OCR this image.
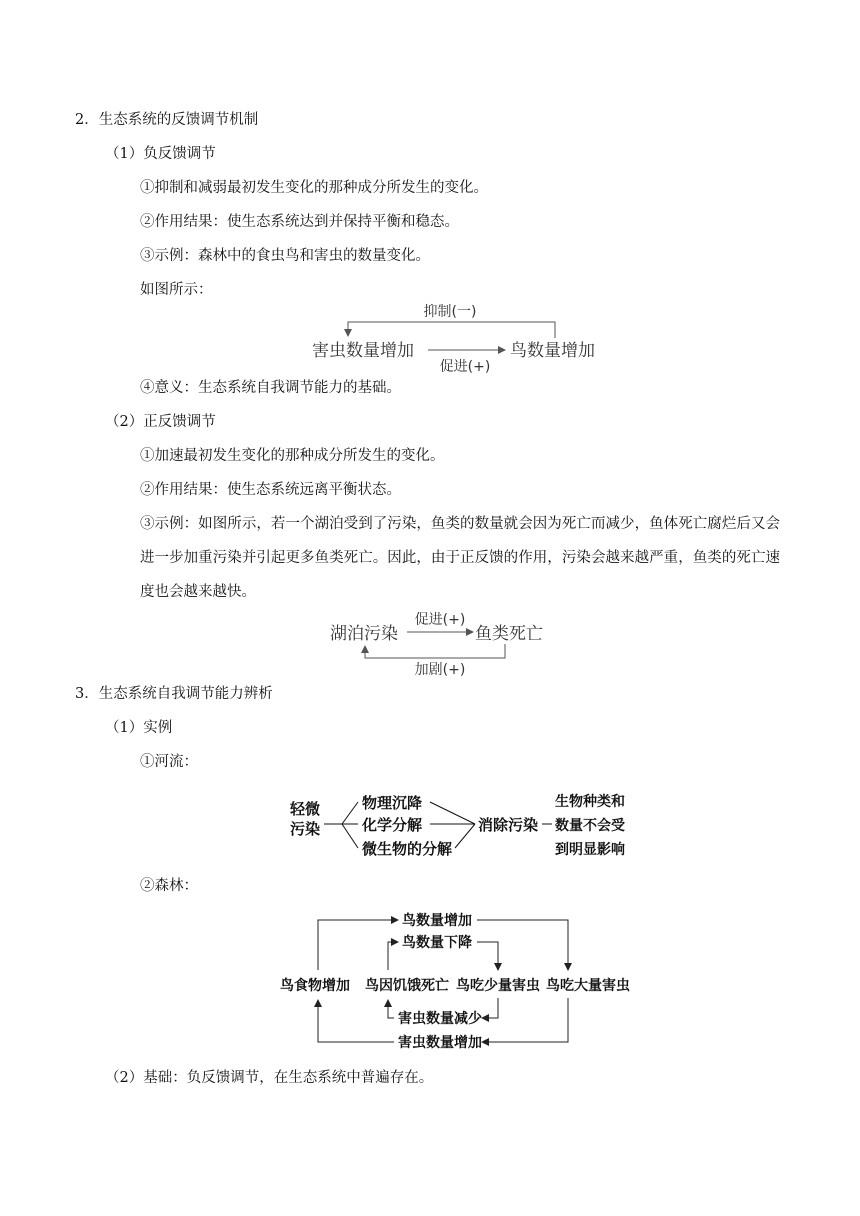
2．生态系统的反馈调节机制
（1）负反馈调节
①抑制和减弱最初发生变化的那种成分所发生的变化。
②作用结果：使生态系统达到并保持平衡和稳态。
③示例：森林中的食虫鸟和害虫的数量变化。
如图所示：
抑制(一)
害虫数量增加	鸟数量增加
促进(+)
④意义：生态系统自我调节能力的基础。
（2）正反馈调节
①加速最初发生变化的那种成分所发生的变化。
②作用结果：使生态系统远离平衡状态。
③示例：如图所示，若一个湖泊受到了污染，鱼类的数量就会因为死亡而减少，鱼体死亡腐烂后又会进一步加重污染并引起更多鱼类死亡。因此，由于正反馈的作用，污染会越来越严重，鱼类的死亡速度也会越来越快。
促进(+)
湖泊污染	鱼类死亡
加剧(+)
3．生态系统自我调节能力辨析
（1）实例
①河流：
轻微
污染
物理沉降
化学分解
微生物的分解
消除污染
生物种类和
数量不会受
到明显影响
②森林：
鸟数量增加
鸟数量下降
鸟食物增加 鸟因饥饿死亡 鸟吃少量害虫 鸟吃大量害虫
害虫数量减少
害虫数量增加
（2）基础：负反馈调节，在生态系统中普遍存在。
